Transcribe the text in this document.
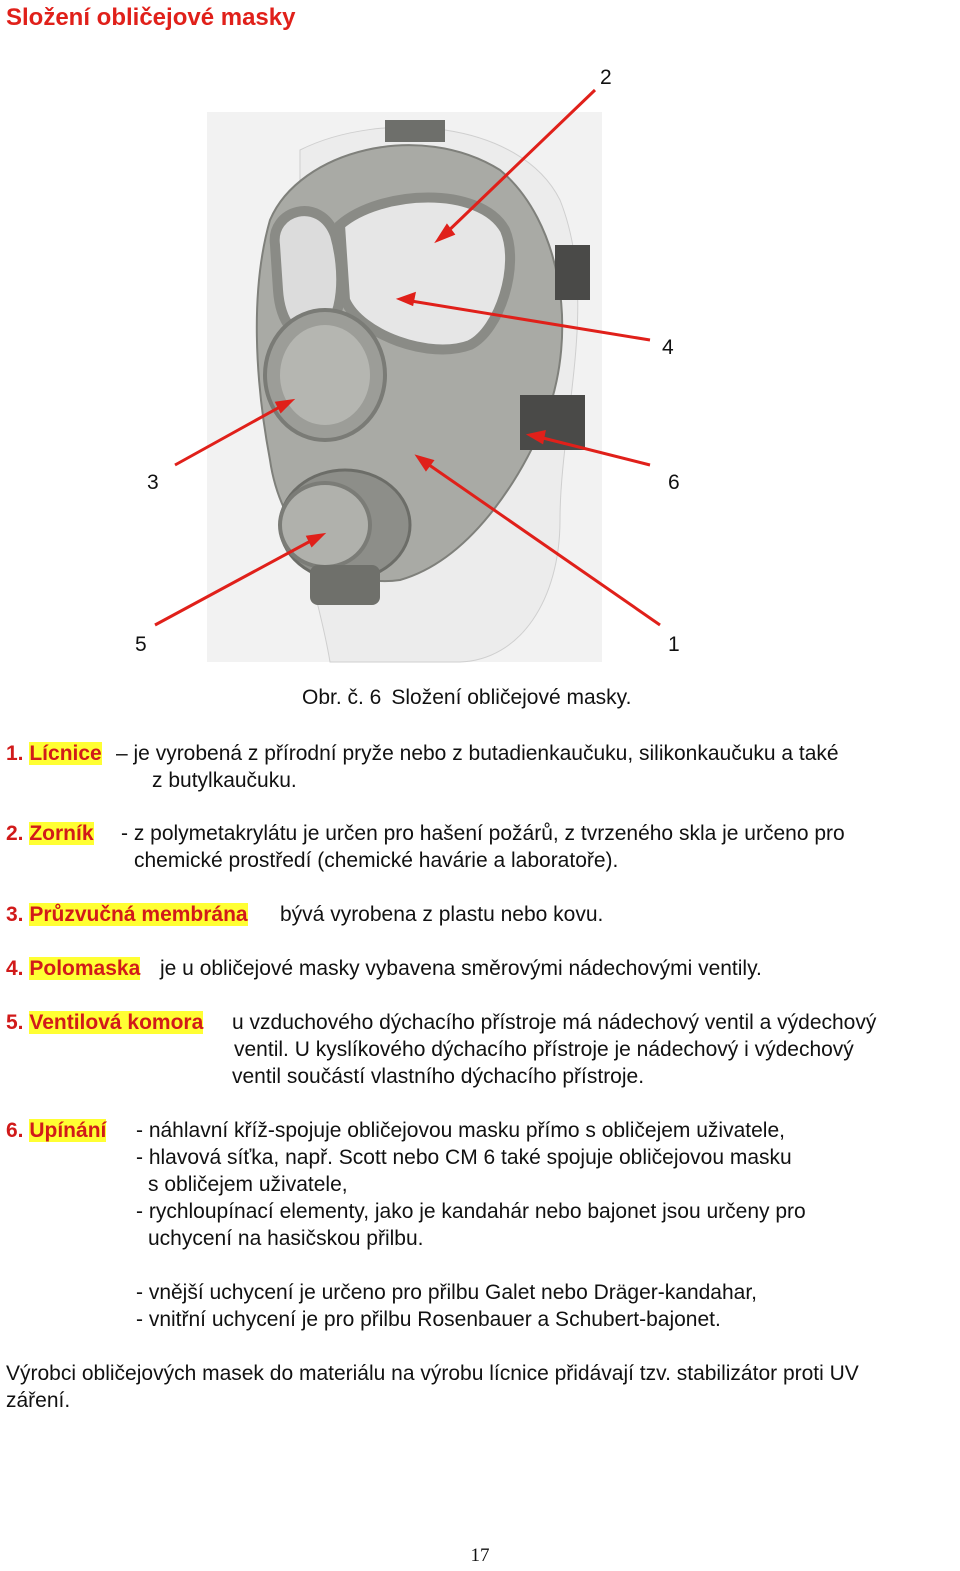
Složení obličejové masky
2
4
3	6
5	1
Obr. č. 6 Složení obličejové masky.
1. Lícnice – je vyrobená z přírodní pryže nebo z butadienkaučuku, silikonkaučuku a také
z butylkaučuku.
2. Zorník - z polymetakrylátu je určen pro hašení požárů, z tvrzeného skla je určeno pro
chemické prostředí (chemické havárie a laboratoře).
3. Průzvučná membrána bývá vyrobena z plastu nebo kovu.
4. Polomaska je u obličejové masky vybavena směrovými nádechovými ventily.
5. Ventilová komora u vzduchového dýchacího přístroje má nádechový ventil a výdechový
ventil. U kyslíkového dýchacího přístroje je nádechový i výdechový
ventil součástí vlastního dýchacího přístroje.
6. Upínání - náhlavní kříž-spojuje obličejovou masku přímo s obličejem uživatele,
- hlavová síťka, např. Scott nebo CM 6 také spojuje obličejovou masku
s obličejem uživatele,
- rychloupínací elementy, jako je kandahár nebo bajonet jsou určeny pro
uchycení na hasičskou přilbu.
- vnější uchycení je určeno pro přilbu Galet nebo Dräger-kandahar,
- vnitřní uchycení je pro přilbu Rosenbauer a Schubert-bajonet.
Výrobci obličejových masek do materiálu na výrobu lícnice přidávají tzv. stabilizátor proti UV
záření.
17
